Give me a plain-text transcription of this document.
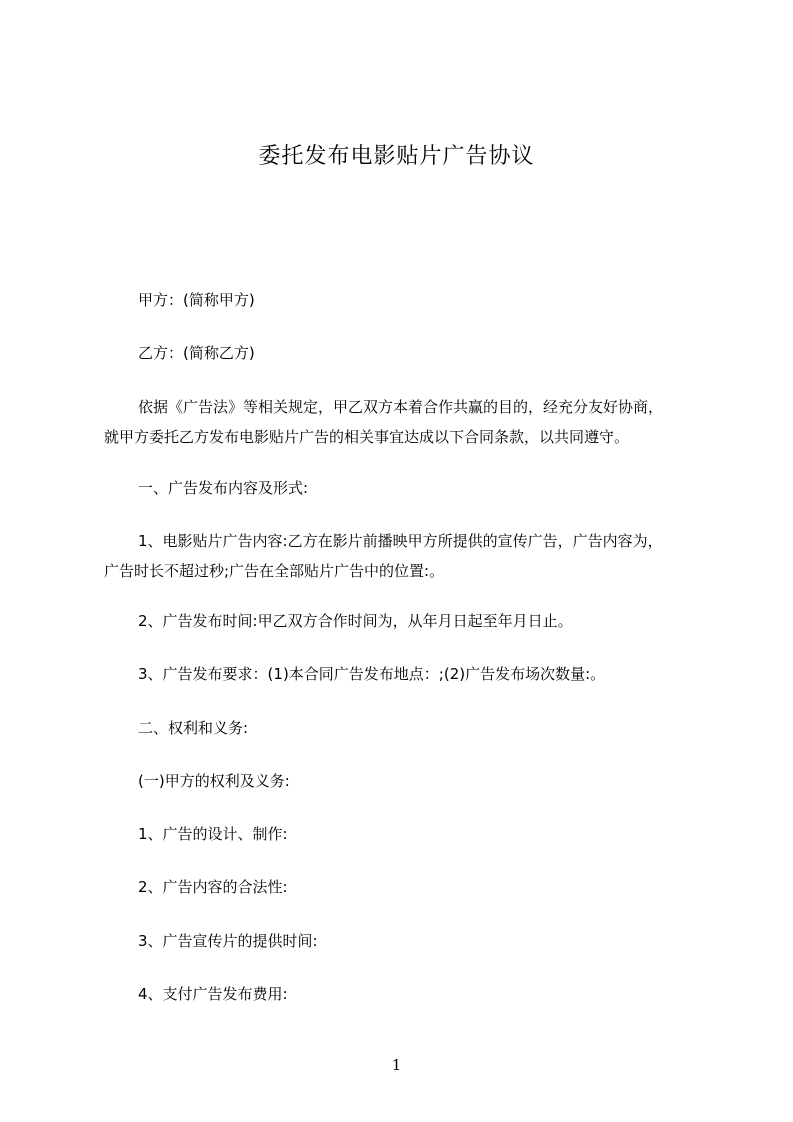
委托发布电影贴片广告协议
甲方：(简称甲方)
乙方：(简称乙方)
依据《广告法》等相关规定，甲乙双方本着合作共赢的目的，经充分友好协商，
就甲方委托乙方发布电影贴片广告的相关事宜达成以下合同条款，以共同遵守。
一、广告发布内容及形式:
1、电影贴片广告内容:乙方在影片前播映甲方所提供的宣传广告，广告内容为，
广告时长不超过秒;广告在全部贴片广告中的位置:。
2、广告发布时间:甲乙双方合作时间为，从年月日起至年月日止。
3、广告发布要求：(1)本合同广告发布地点：;(2)广告发布场次数量:。
二、权利和义务:
(一)甲方的权利及义务:
1、广告的设计、制作:
2、广告内容的合法性:
3、广告宣传片的提供时间:
4、支付广告发布费用:
1
